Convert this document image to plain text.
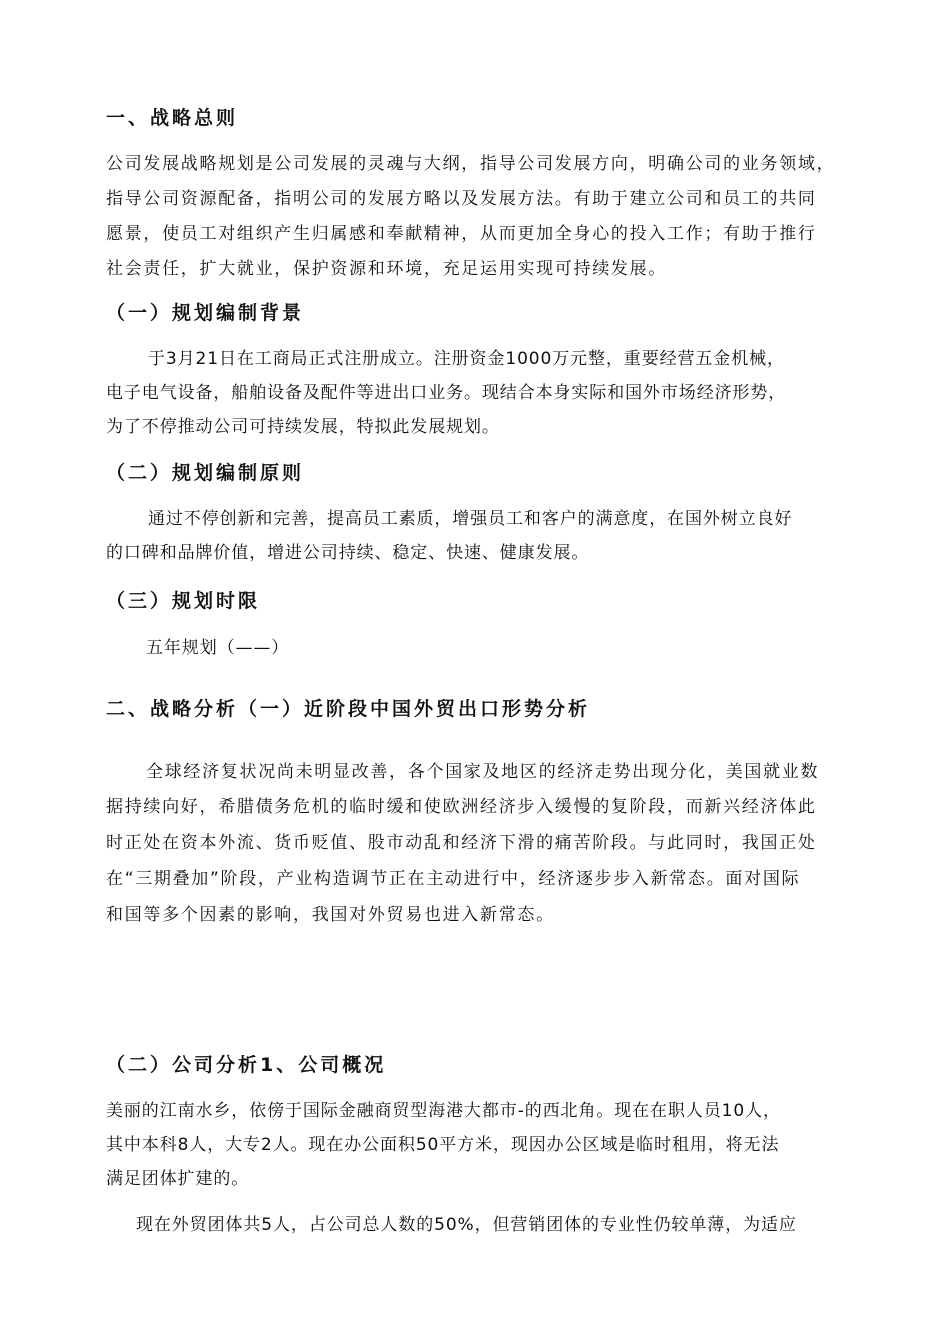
一、战略总则
公司发展战略规划是公司发展的灵魂与大纲，指导公司发展方向，明确公司的业务领域，
指导公司资源配备，指明公司的发展方略以及发展方法。有助于建立公司和员工的共同
愿景，使员工对组织产生归属感和奉献精神，从而更加全身心的投入工作；有助于推行
社会责任，扩大就业，保护资源和环境，充足运用实现可持续发展。
（一）规划编制背景
于3月21日在工商局正式注册成立。注册资金1000万元整，重要经营五金机械，
电子电气设备，船舶设备及配件等进出口业务。现结合本身实际和国外市场经济形势，
为了不停推动公司可持续发展，特拟此发展规划。
（二）规划编制原则
通过不停创新和完善，提高员工素质，增强员工和客户的满意度，在国外树立良好
的口碑和品牌价值，增进公司持续、稳定、快速、健康发展。
（三）规划时限
五年规划（——）
二、战略分析（一）近阶段中国外贸出口形势分析
全球经济复状况尚未明显改善，各个国家及地区的经济走势出现分化，美国就业数
据持续向好，希腊债务危机的临时缓和使欧洲经济步入缓慢的复阶段，而新兴经济体此
时正处在资本外流、货币贬值、股市动乱和经济下滑的痛苦阶段。与此同时，我国正处
在“三期叠加”阶段，产业构造调节正在主动进行中，经济逐步步入新常态。面对国际
和国等多个因素的影响，我国对外贸易也进入新常态。
（二）公司分析1、公司概况
美丽的江南水乡，依傍于国际金融商贸型海港大都市-的西北角。现在在职人员10人，
其中本科8人，大专2人。现在办公面积50平方米，现因办公区域是临时租用，将无法
满足团体扩建的。
现在外贸团体共5人，占公司总人数的50%，但营销团体的专业性仍较单薄，为适应
